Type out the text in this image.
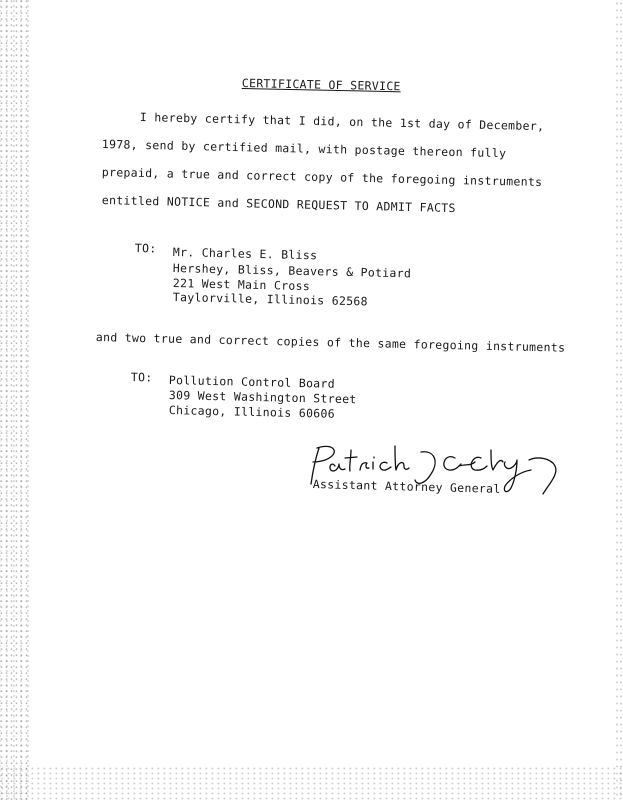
CERTIFICATE OF SERVICE
I hereby certify that I did, on the 1st day of December,
1978, send by certified mail, with postage thereon fully
prepaid, a true and correct copy of the foregoing instruments
entitled NOTICE and SECOND REQUEST TO ADMIT FACTS
TO: Mr. Charles E. Bliss
Hershey, Bliss, Beavers & Potiard
221 West Main Cross
Taylorville, Illinois 62568
and two true and correct copies of the same foregoing instruments
TO: Pollution Control Board
309 West Washington Street
Chicago, Illinois 60606
Assistant Attorney General
